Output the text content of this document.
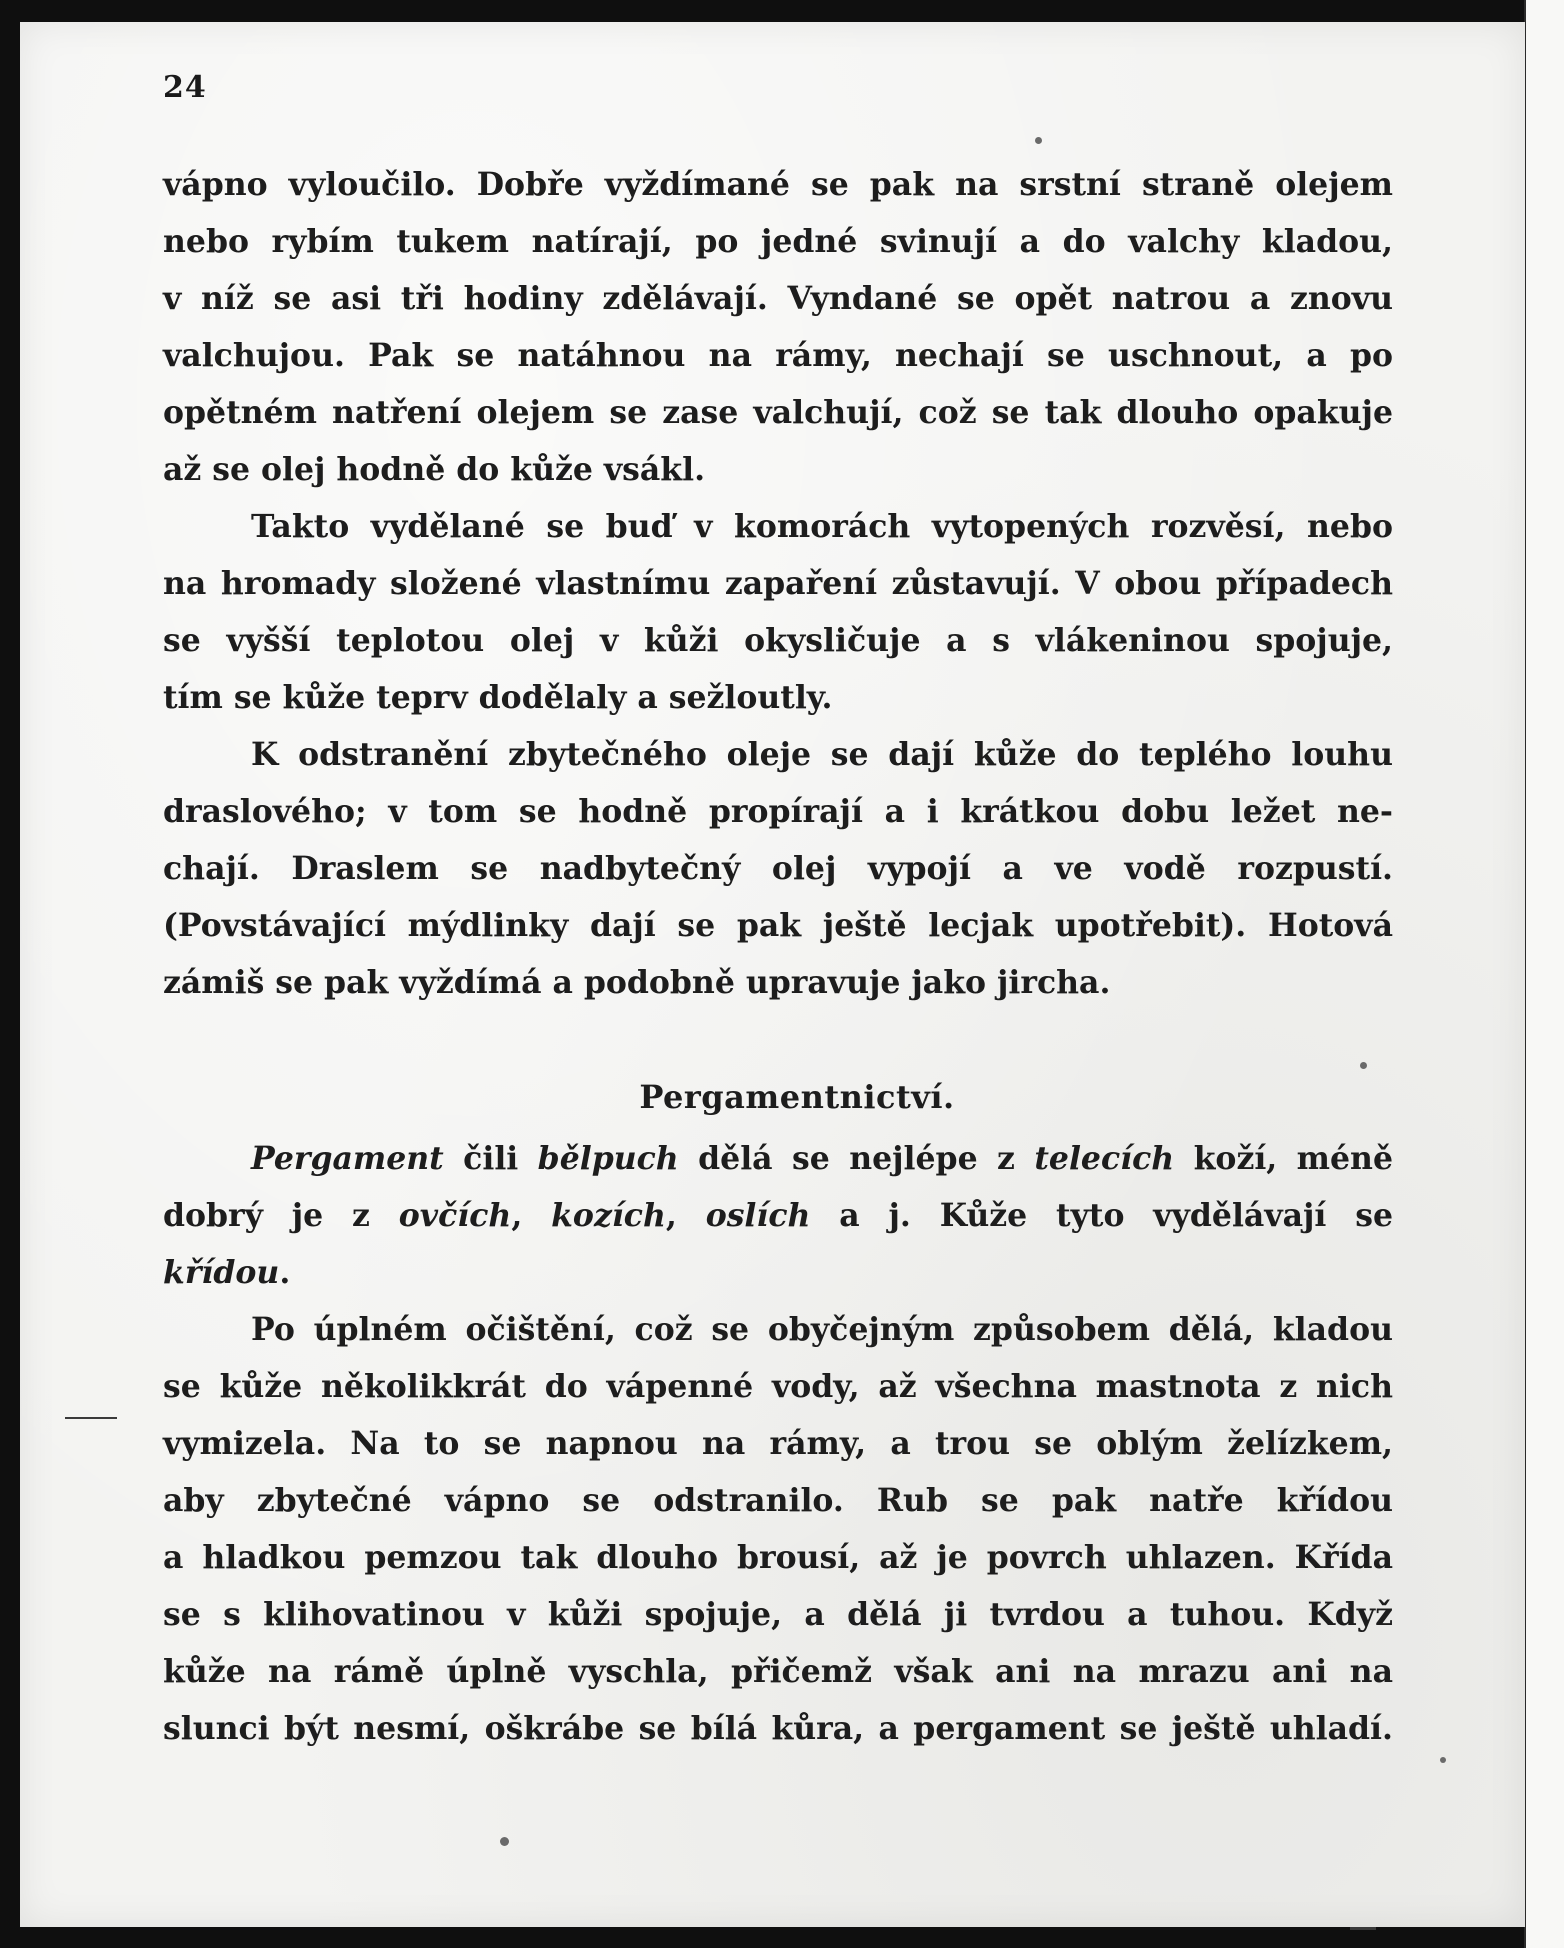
24

vápno vyloučilo. Dobře vyždímané se pak na srstní straně olejem
nebo rybím tukem natírají, po jedné svinují a do valchy kladou,
v níž se asi tři hodiny zdělávají. Vyndané se opět natrou a znovu
valchujou. Pak se natáhnou na rámy, nechají se uschnout, a po
opětném natření olejem se zase valchují, což se tak dlouho opakuje
až se olej hodně do kůže vsákl.

Takto vydělané se buď v komorách vytopených rozvěsí, nebo
na hromady složené vlastnímu zapaření zůstavují. V obou případech
se vyšší teplotou olej v kůži okysličuje a s vlákeninou spojuje,
tím se kůže teprv dodělaly a sežloutly.

K odstranění zbytečného oleje se dají kůže do teplého louhu
draslového; v tom se hodně propírají a i krátkou dobu ležet ne-
chají. Draslem se nadbytečný olej vypojí a ve vodě rozpustí.
(Povstávající mýdlinky dají se pak ještě lecjak upotřebit). Hotová
zámiš se pak vyždímá a podobně upravuje jako jircha.

Pergamentnictví.

Pergament čili bělpuch dělá se nejlépe z telecích koží, méně
dobrý je z ovčích, kozích, oslích a j. Kůže tyto vydělávají se
křídou.

Po úplném očištění, což se obyčejným způsobem dělá, kladou
se kůže několikkrát do vápenné vody, až všechna mastnota z nich
vymizela. Na to se napnou na rámy, a trou se oblým želízkem,
aby zbytečné vápno se odstranilo. Rub se pak natře křídou
a hladkou pemzou tak dlouho brousí, až je povrch uhlazen. Křída
se s klihovatinou v kůži spojuje, a dělá ji tvrdou a tuhou. Když
kůže na rámě úplně vyschla, přičemž však ani na mrazu ani na
slunci být nesmí, oškrábe se bílá kůra, a pergament se ještě uhladí.
